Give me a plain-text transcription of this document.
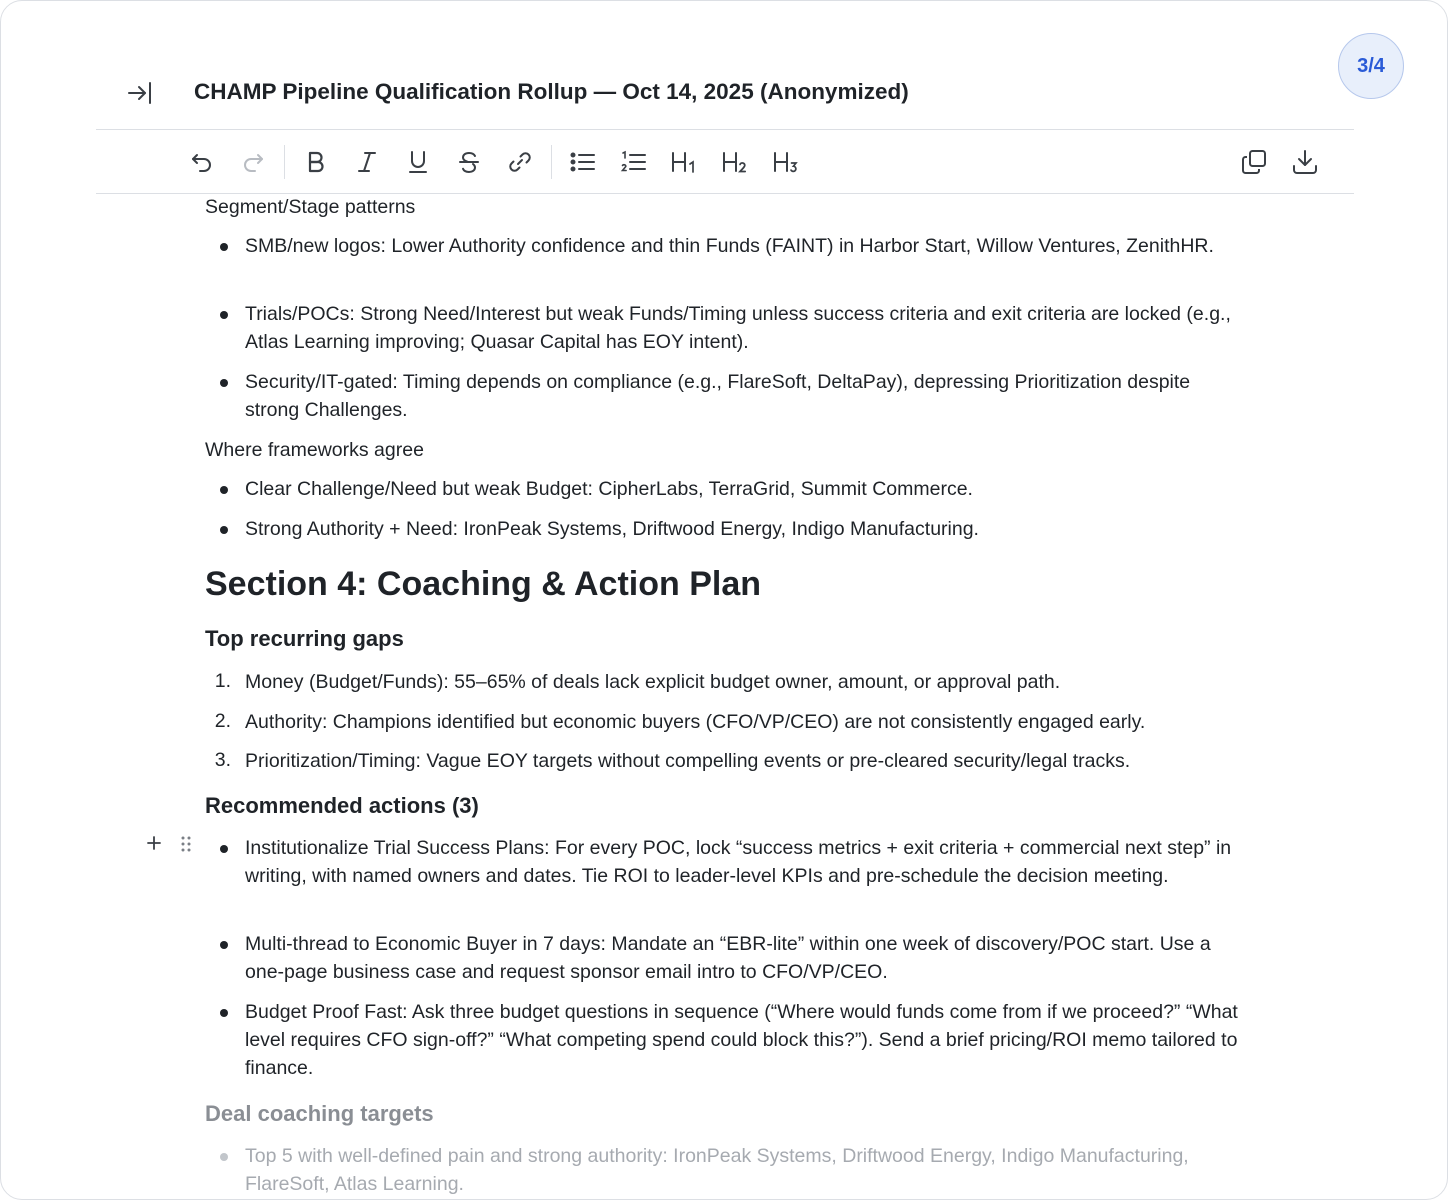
3/4
CHAMP Pipeline Qualification Rollup — Oct 14, 2025 (Anonymized)
Segment/Stage patterns
SMB/new logos: Lower Authority confidence and thin Funds (FAINT) in Harbor Start, Willow Ventures, ZenithHR.
Trials/POCs: Strong Need/Interest but weak Funds/Timing unless success criteria and exit criteria are locked (e.g., Atlas Learning improving; Quasar Capital has EOY intent).
Security/IT-gated: Timing depends on compliance (e.g., FlareSoft, DeltaPay), depressing Prioritization despite strong Challenges.
Where frameworks agree
Clear Challenge/Need but weak Budget: CipherLabs, TerraGrid, Summit Commerce.
Strong Authority + Need: IronPeak Systems, Driftwood Energy, Indigo Manufacturing.
Section 4: Coaching & Action Plan
Top recurring gaps
1. Money (Budget/Funds): 55–65% of deals lack explicit budget owner, amount, or approval path.
2. Authority: Champions identified but economic buyers (CFO/VP/CEO) are not consistently engaged early.
3. Prioritization/Timing: Vague EOY targets without compelling events or pre-cleared security/legal tracks.
Recommended actions (3)
Institutionalize Trial Success Plans: For every POC, lock “success metrics + exit criteria + commercial next step” in writing, with named owners and dates. Tie ROI to leader-level KPIs and pre-schedule the decision meeting.
Multi-thread to Economic Buyer in 7 days: Mandate an “EBR-lite” within one week of discovery/POC start. Use a one-page business case and request sponsor email intro to CFO/VP/CEO.
Budget Proof Fast: Ask three budget questions in sequence (“Where would funds come from if we proceed?” “What level requires CFO sign-off?” “What competing spend could block this?”). Send a brief pricing/ROI memo tailored to finance.
Deal coaching targets
Top 5 with well-defined pain and strong authority: IronPeak Systems, Driftwood Energy, Indigo Manufacturing, FlareSoft, Atlas Learning.
